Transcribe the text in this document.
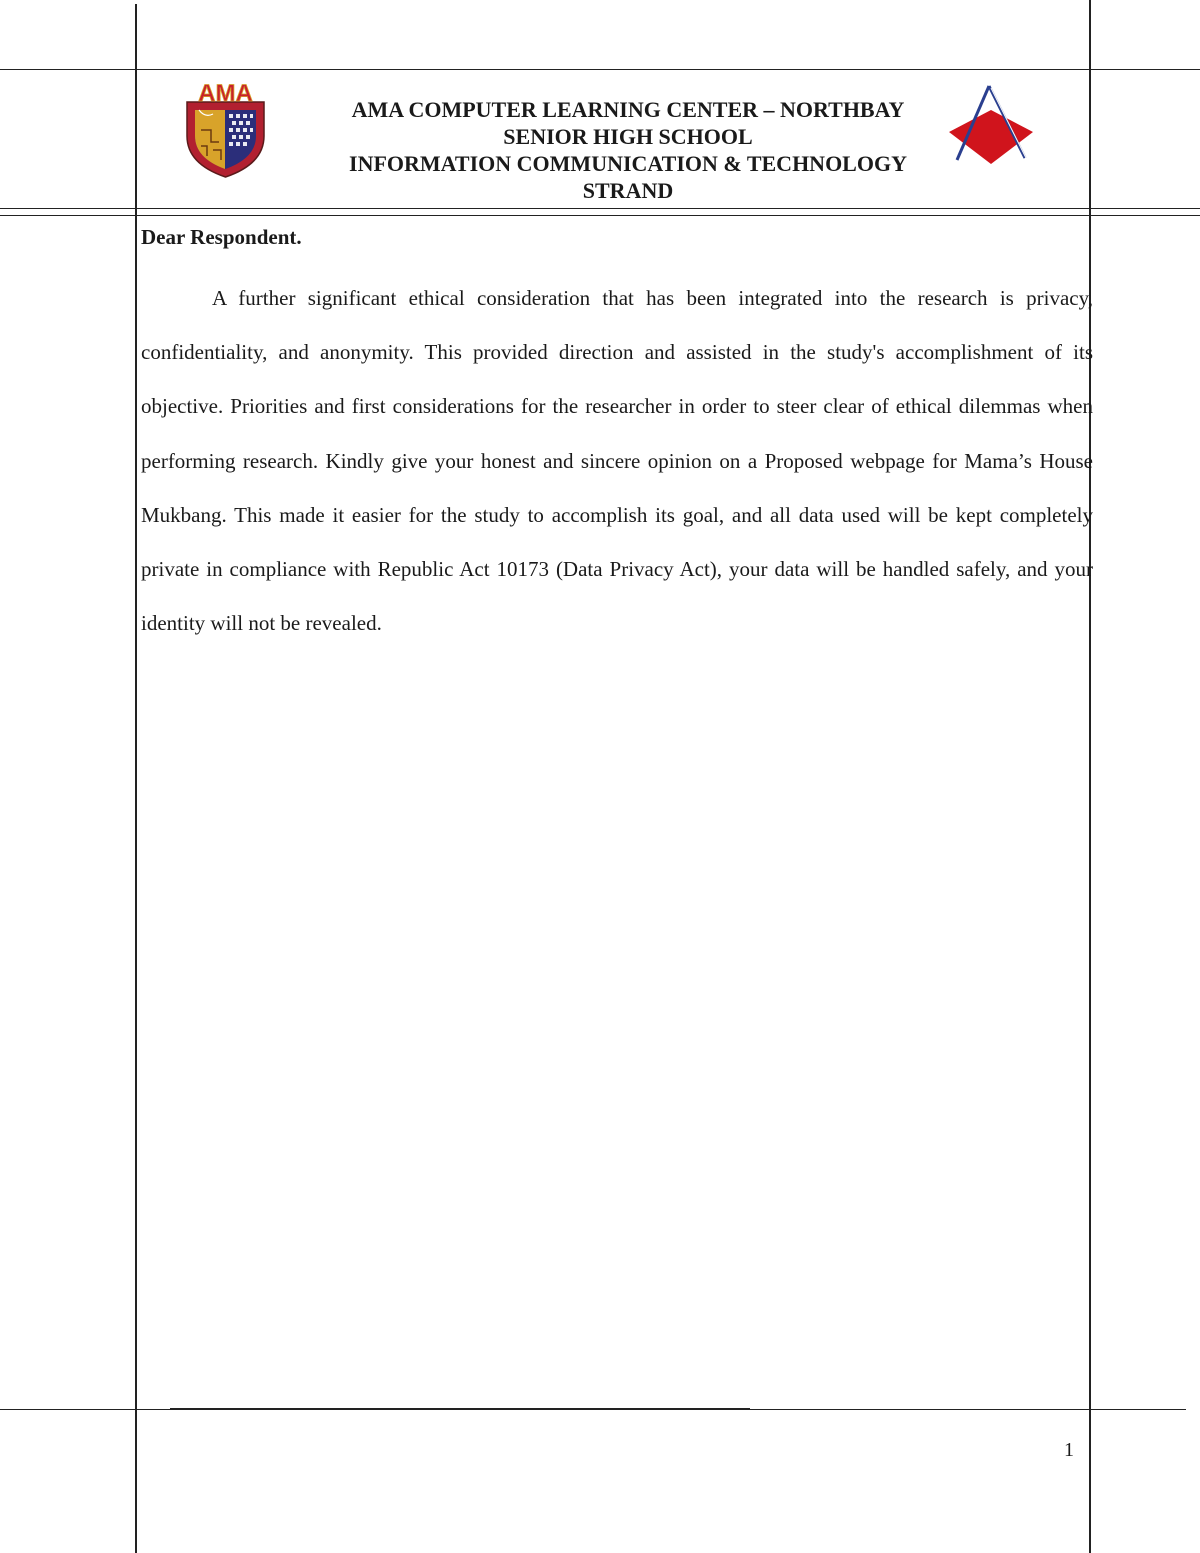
AMA
AMA COMPUTER LEARNING CENTER – NORTHBAY
SENIOR HIGH SCHOOL
INFORMATION COMMUNICATION & TECHNOLOGY
STRAND
Dear Respondent.

A further significant ethical consideration that has been integrated into the research is privacy, confidentiality, and anonymity. This provided direction and assisted in the study's accomplishment of its objective. Priorities and first considerations for the researcher in order to steer clear of ethical dilemmas when performing research. Kindly give your honest and sincere opinion on a Proposed webpage for Mama’s House Mukbang. This made it easier for the study to accomplish its goal, and all data used will be kept completely private in compliance with Republic Act 10173 (Data Privacy Act), your data will be handled safely, and your identity will not be revealed.

1
